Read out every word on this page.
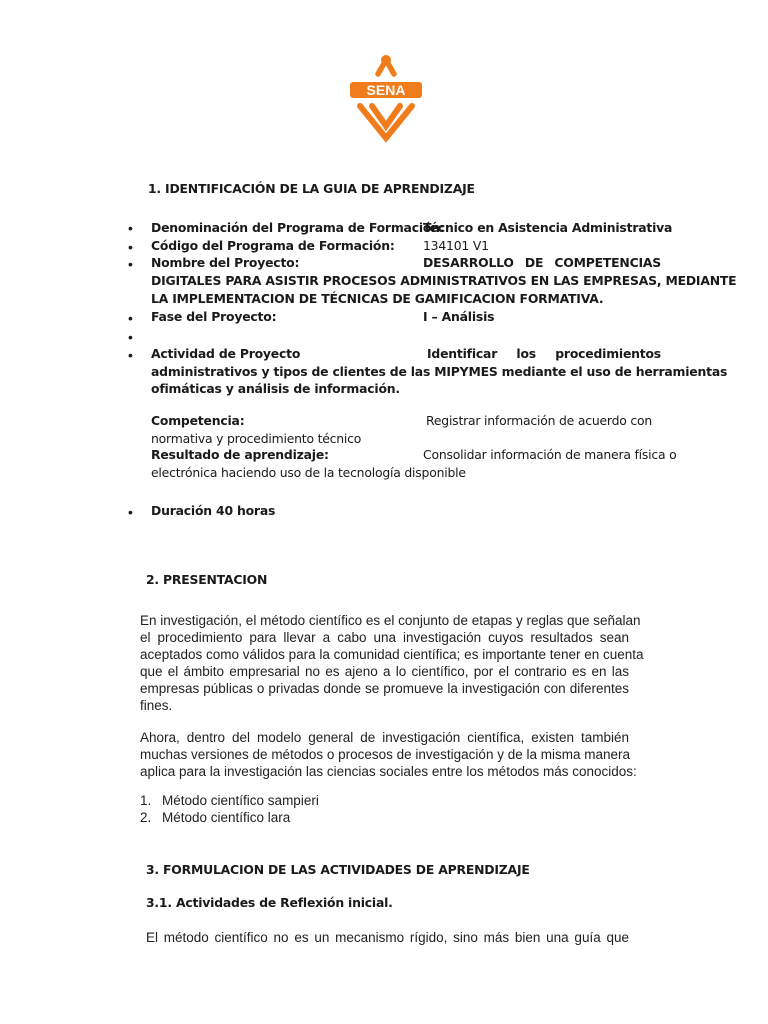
SENA
1. IDENTIFICACIÓN DE LA GUIA DE APRENDIZAJE
• Denominación del Programa de Formación:
Técnico en Asistencia Administrativa
• Código del Programa de Formación: 134101 V1
• Nombre del Proyecto:	DESARROLLO DE COMPETENCIAS
DIGITALES PARA ASISTIR PROCESOS ADMINISTRATIVOS EN LAS EMPRESAS, MEDIANTE
LA IMPLEMENTACION DE TÉCNICAS DE GAMIFICACION FORMATIVA.
• Fase del Proyecto:	I – Análisis
•
• Actividad de Proyecto	Identificar los procedimientos
administrativos y tipos de clientes de las MIPYMES mediante el uso de herramientas
ofimáticas y análisis de información.
Competencia:	Registrar información de acuerdo con
normativa y procedimiento técnico
Resultado de aprendizaje:	Consolidar información de manera física o
electrónica haciendo uso de la tecnología disponible
• Duración 40 horas
2. PRESENTACION
En investigación, el método científico es el conjunto de etapas y reglas que señalan
el procedimiento para llevar a cabo una investigación cuyos resultados sean
aceptados como válidos para la comunidad científica; es importante tener en cuenta
que el ámbito empresarial no es ajeno a lo científico, por el contrario es en las
empresas públicas o privadas donde se promueve la investigación con diferentes
fines.
Ahora, dentro del modelo general de investigación científica, existen también
muchas versiones de métodos o procesos de investigación y de la misma manera
aplica para la investigación las ciencias sociales entre los métodos más conocidos:
1. Método científico sampieri
2. Método científico lara
3. FORMULACION DE LAS ACTIVIDADES DE APRENDIZAJE
3.1. Actividades de Reflexión inicial.
El método científico no es un mecanismo rígido, sino más bien una guía que
